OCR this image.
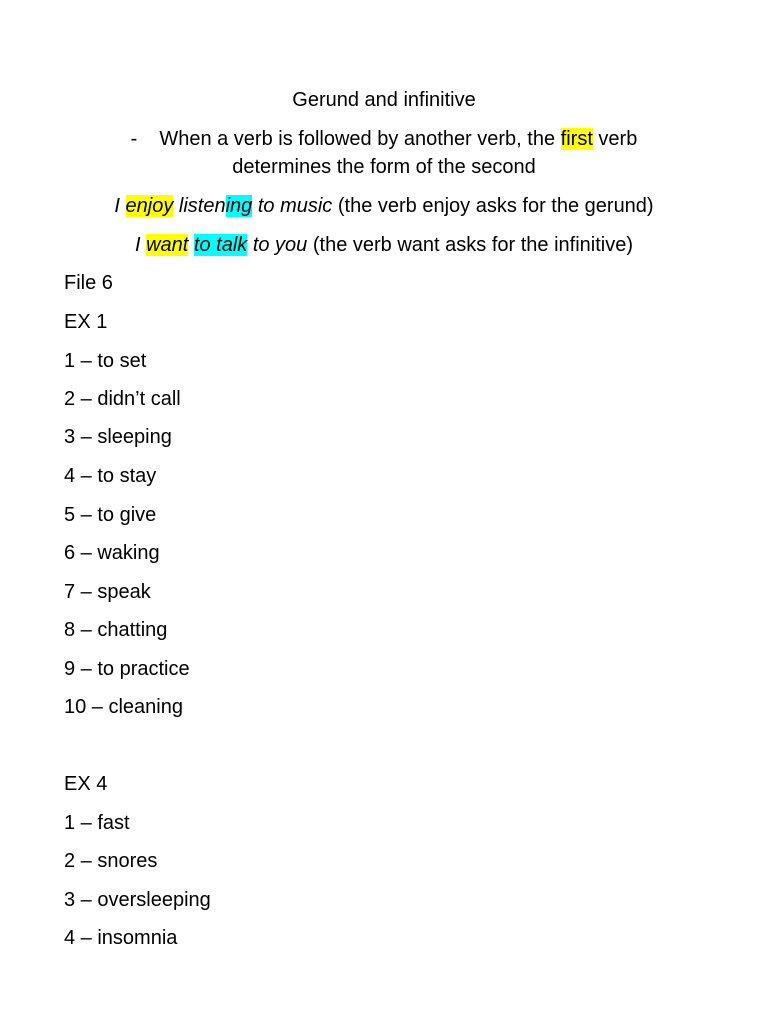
Gerund and infinitive
- When a verb is followed by another verb, the first verb
determines the form of the second
I enjoy listening to music (the verb enjoy asks for the gerund)
I want to talk to you (the verb want asks for the infinitive)
File 6
EX 1
1 – to set
2 – didn’t call
3 – sleeping
4 – to stay
5 – to give
6 – waking
7 – speak
8 – chatting
9 – to practice
10 – cleaning
EX 4
1 – fast
2 – snores
3 – oversleeping
4 – insomnia
